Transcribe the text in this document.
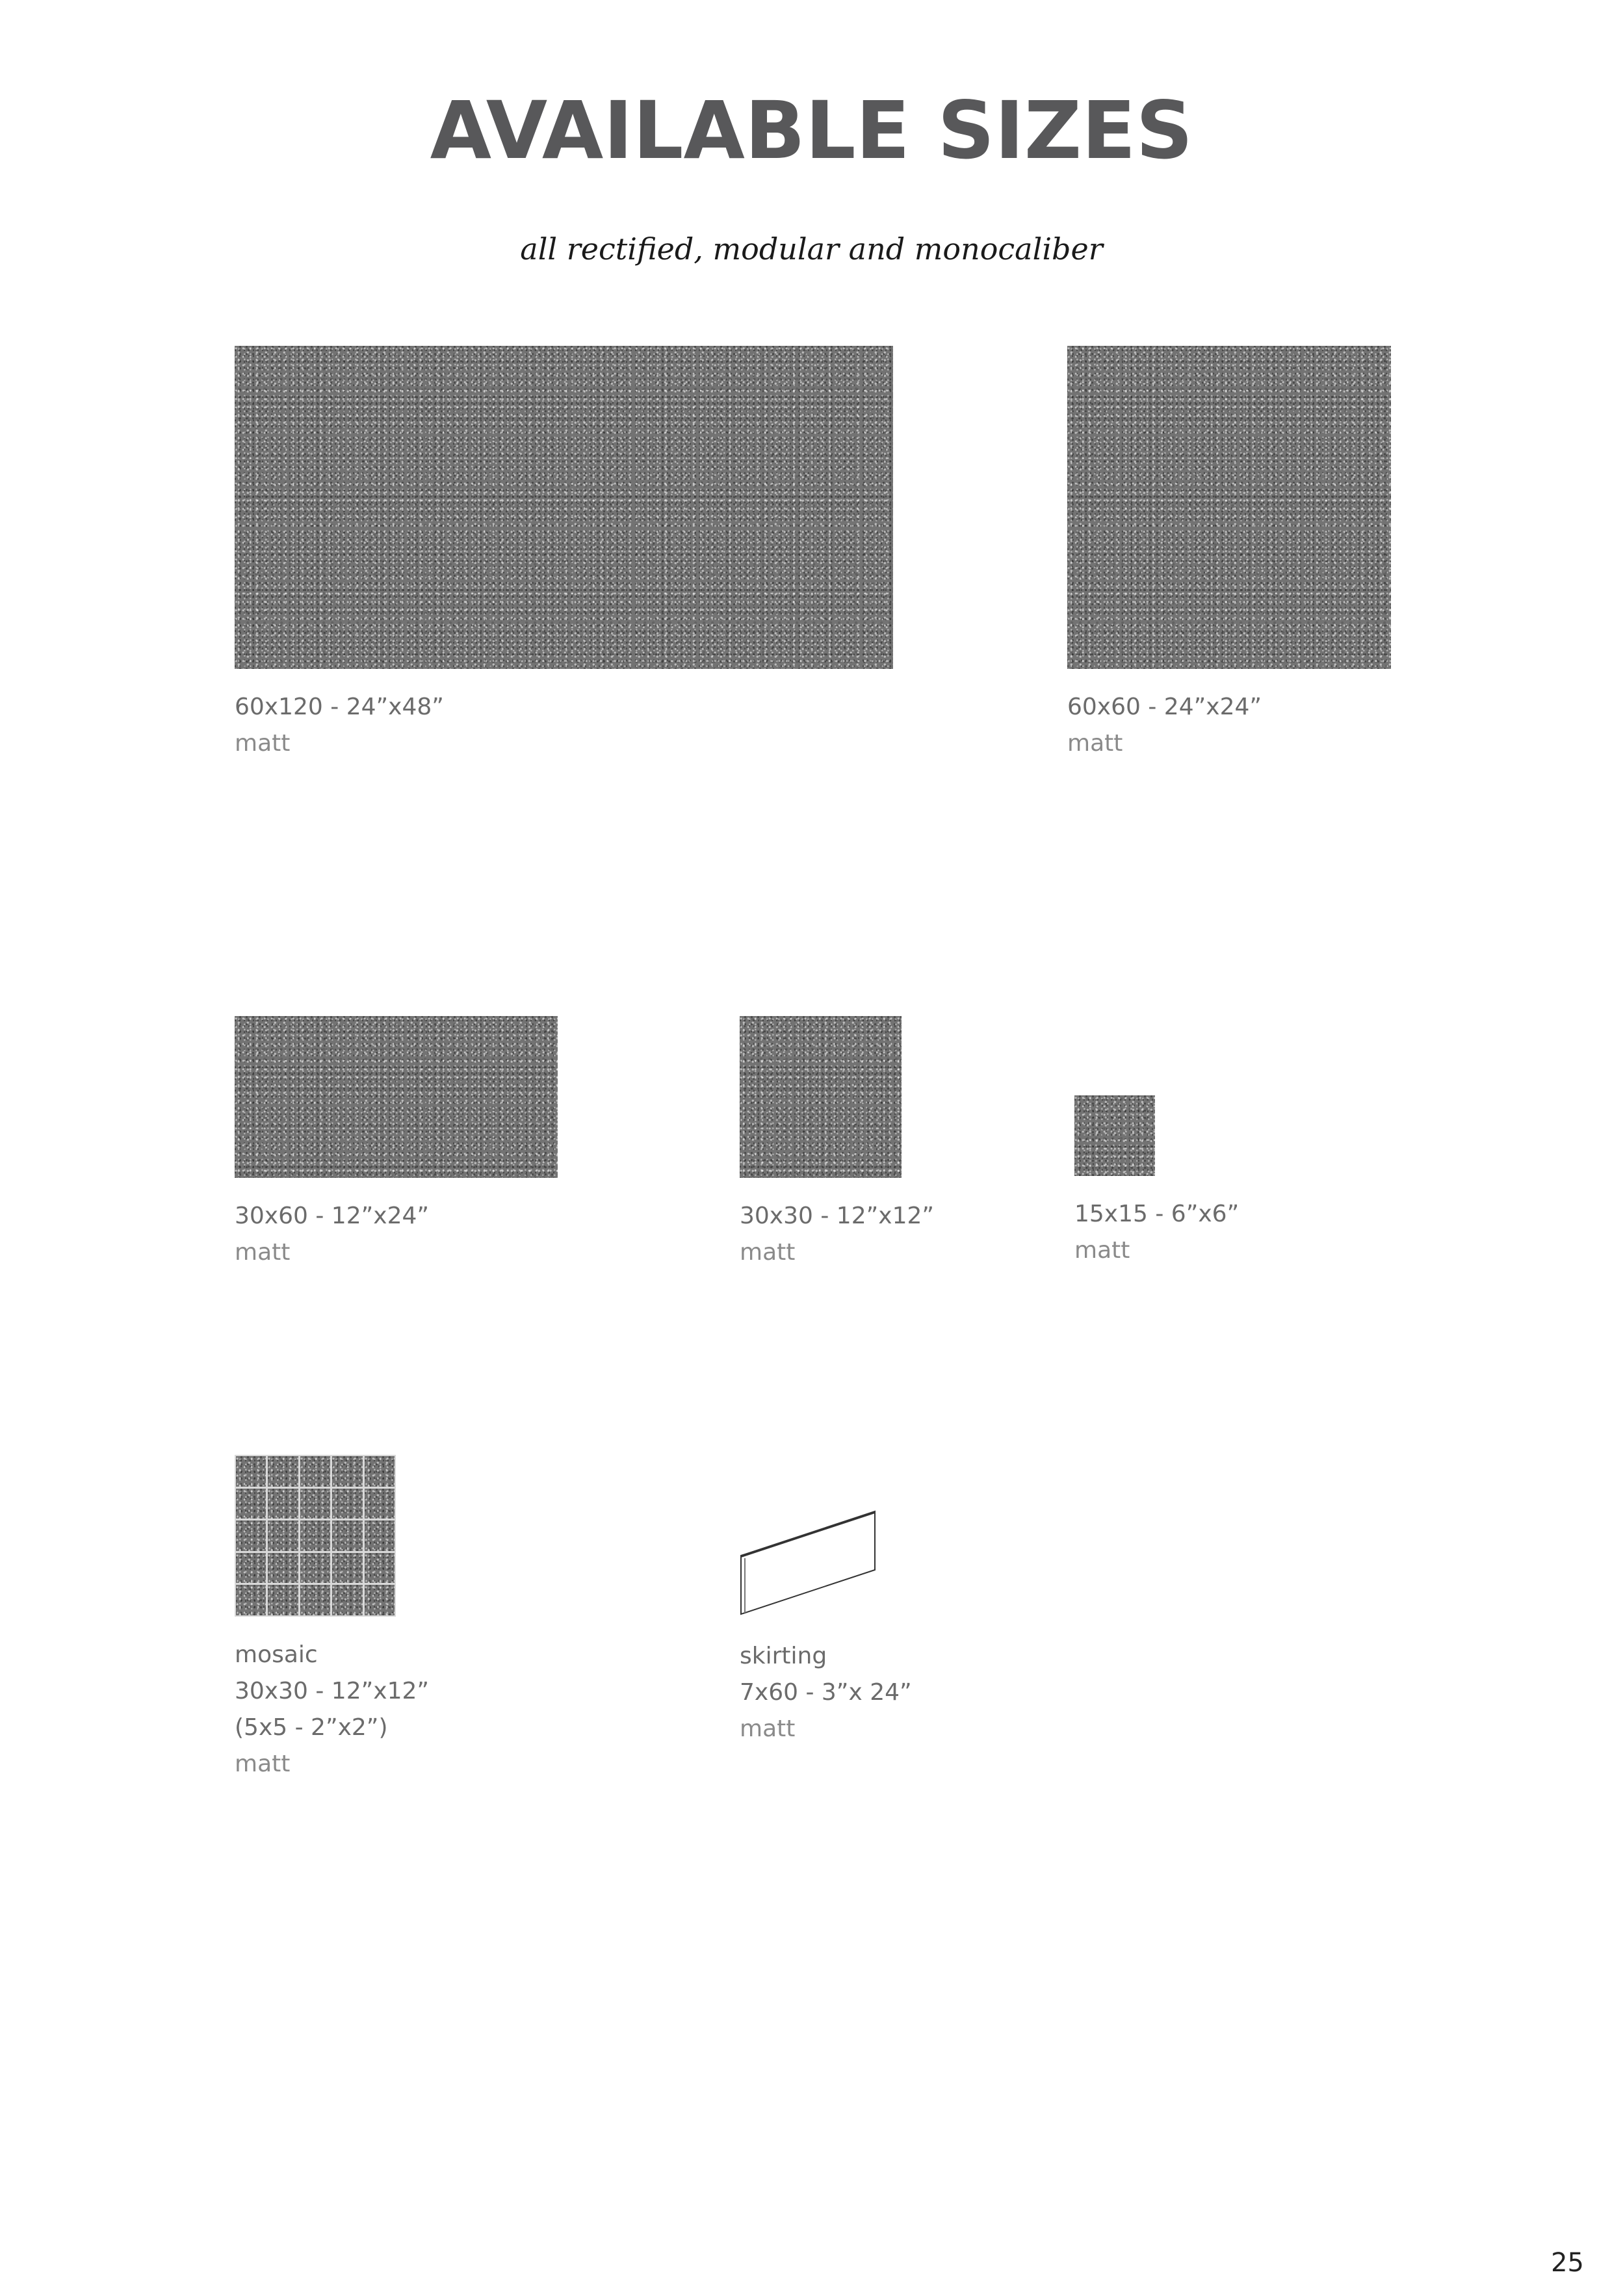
AVAILABLE SIZES
all rectified, modular and monocaliber
60x120 - 24”x48”
matt
60x60 - 24”x24”
matt
30x60 - 12”x24”
matt
30x30 - 12”x12”
matt
15x15 - 6”x6”
matt
mosaic
30x30 - 12”x12”
(5x5 - 2”x2”)
matt
skirting
7x60 - 3”x 24”
matt
25
